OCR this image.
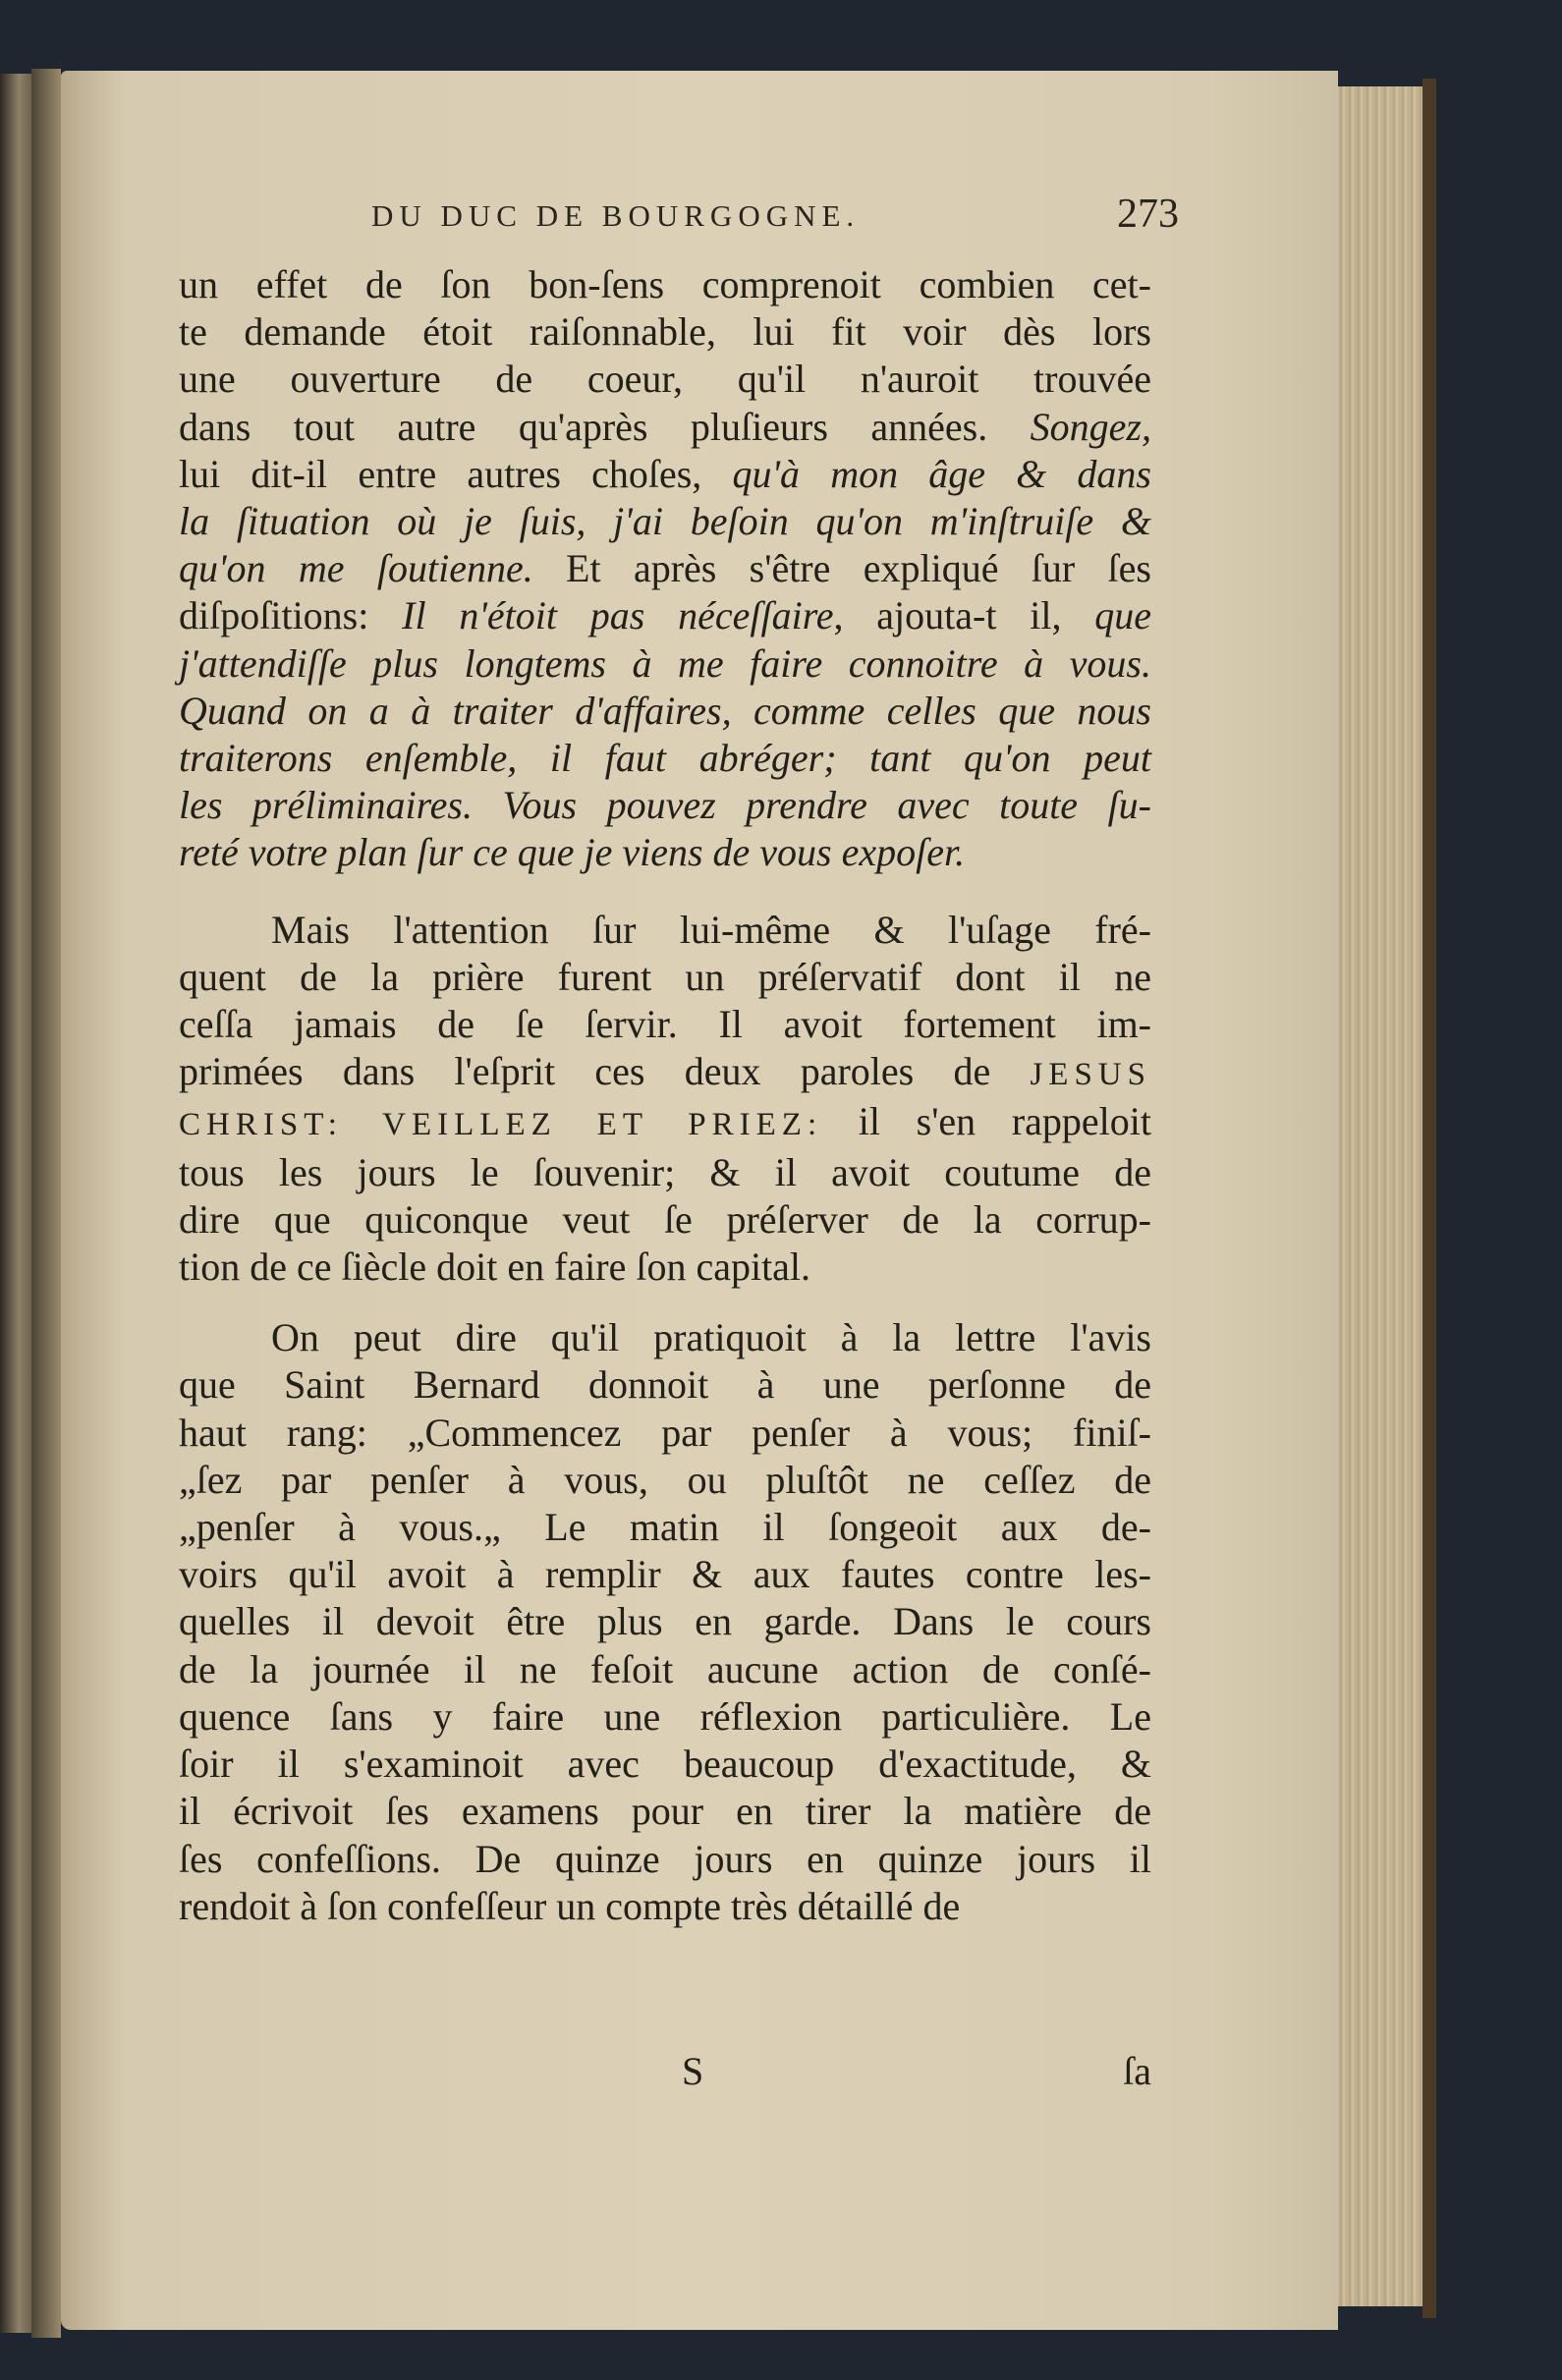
DU DUC DE BOURGOGNE.	273
un effet de ſon bon-ſens comprenoit combien cet-
te demande étoit raiſonnable, lui fit voir dès lors
une ouverture de coeur, qu'il n'auroit trouvée
dans tout autre qu'après pluſieurs années. Songez,
lui dit-il entre autres choſes, qu'à mon âge & dans
la ſituation où je ſuis, j'ai beſoin qu'on m'inſtruiſe &
qu'on me ſoutienne. Et après s'être expliqué ſur ſes
diſpoſitions: Il n'étoit pas néceſſaire, ajouta-t il, que
j'attendiſſe plus longtems à me faire connoitre à vous.
Quand on a à traiter d'affaires, comme celles que nous
traiterons enſemble, il faut abréger; tant qu'on peut
les préliminaires. Vous pouvez prendre avec toute ſu-
reté votre plan ſur ce que je viens de vous expoſer.
Mais l'attention ſur lui-même & l'uſage fré-
quent de la prière furent un préſervatif dont il ne
ceſſa jamais de ſe ſervir. Il avoit fortement im-
primées dans l'eſprit ces deux paroles de JESUS
CHRIST: VEILLEZ ET PRIEZ: il s'en rappeloit
tous les jours le ſouvenir; & il avoit coutume de
dire que quiconque veut ſe préſerver de la corrup-
tion de ce ſiècle doit en faire ſon capital.
On peut dire qu'il pratiquoit à la lettre l'avis
que Saint Bernard donnoit à une perſonne de
haut rang: „Commencez par penſer à vous; finiſ-
„ſez par penſer à vous, ou pluſtôt ne ceſſez de
„penſer à vous.„ Le matin il ſongeoit aux de-
voirs qu'il avoit à remplir & aux fautes contre les-
quelles il devoit être plus en garde. Dans le cours
de la journée il ne feſoit aucune action de conſé-
quence ſans y faire une réflexion particulière. Le
ſoir il s'examinoit avec beaucoup d'exactitude, &
il écrivoit ſes examens pour en tirer la matière de
ſes confeſſions. De quinze jours en quinze jours il
rendoit à ſon confeſſeur un compte très détaillé de
S	ſa
